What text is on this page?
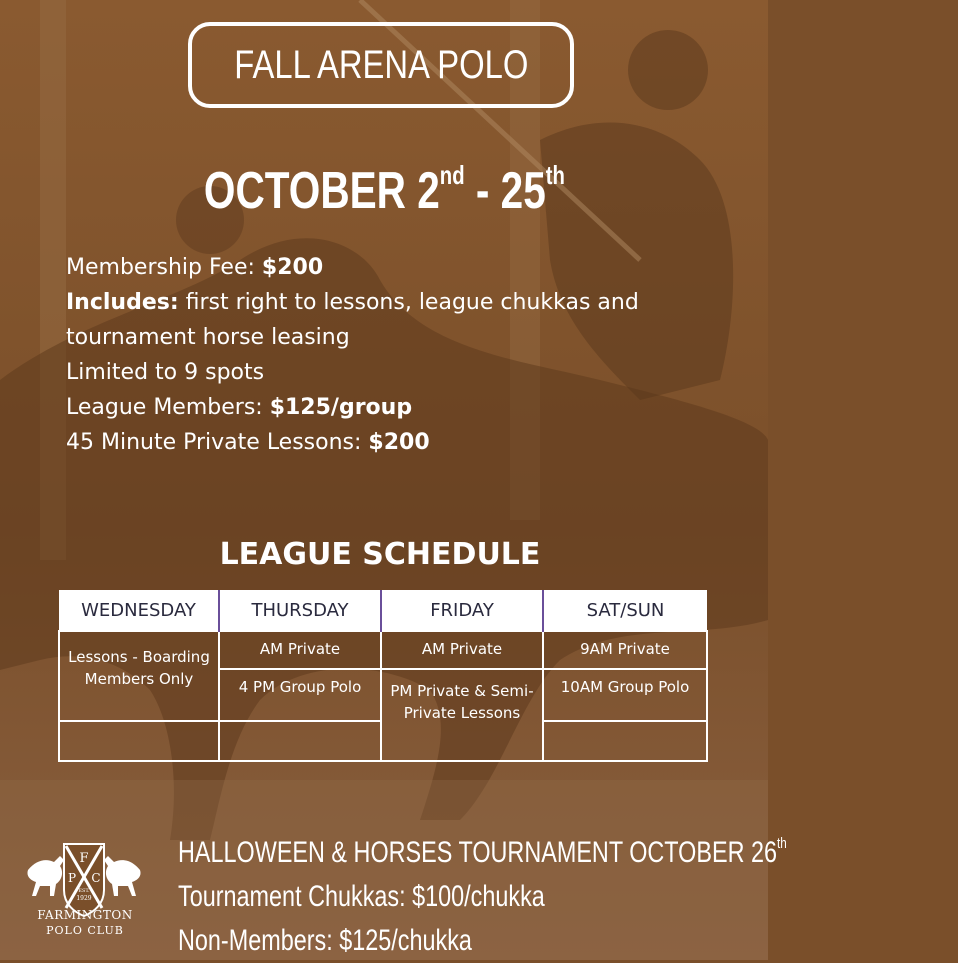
FALL ARENA POLO
OCTOBER 2nd - 25th
Membership Fee: $200
Includes: first right to lessons, league chukkas and
tournament horse leasing
Limited to 9 spots
League Members: $125/group
45 Minute Private Lessons: $200
LEAGUE SCHEDULE
WEDNESDAY	THURSDAY	FRIDAY	SAT/SUN
Lessons - Boarding Members Only	AM Private	AM Private	9AM Private
	4 PM Group Polo	PM Private & Semi-Private Lessons	10AM Group Polo

F
P C
EST.
1929
FARMINGTON
POLO CLUB
HALLOWEEN & HORSES TOURNAMENT OCTOBER 26th
Tournament Chukkas: $100/chukka
Non-Members: $125/chukka
